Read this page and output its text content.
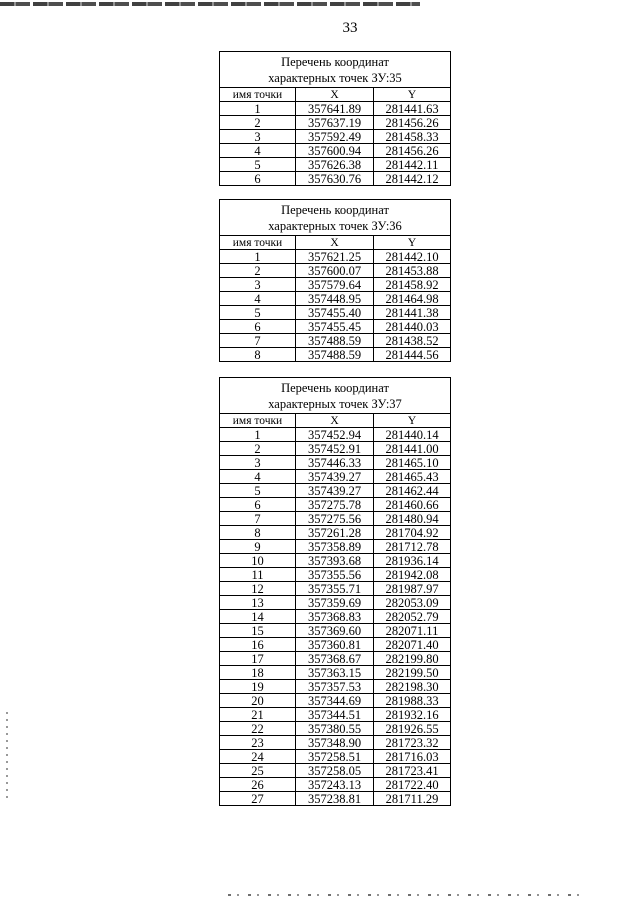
33
Перечень координат
характерных точек ЗУ:35		
имя точки	X	Y
1	357641.89	281441.63
2	357637.19	281456.26
3	357592.49	281458.33
4	357600.94	281456.26
5	357626.38	281442.11
6	357630.76	281442.12
Перечень координат
характерных точек ЗУ:36		
имя точки	X	Y
1	357621.25	281442.10
2	357600.07	281453.88
3	357579.64	281458.92
4	357448.95	281464.98
5	357455.40	281441.38
6	357455.45	281440.03
7	357488.59	281438.52
8	357488.59	281444.56
Перечень координат
характерных точек ЗУ:37		
имя точки	X	Y
1	357452.94	281440.14
2	357452.91	281441.00
3	357446.33	281465.10
4	357439.27	281465.43
5	357439.27	281462.44
6	357275.78	281460.66
7	357275.56	281480.94
8	357261.28	281704.92
9	357358.89	281712.78
10	357393.68	281936.14
11	357355.56	281942.08
12	357355.71	281987.97
13	357359.69	282053.09
14	357368.83	282052.79
15	357369.60	282071.11
16	357360.81	282071.40
17	357368.67	282199.80
18	357363.15	282199.50
19	357357.53	282198.30
20	357344.69	281988.33
21	357344.51	281932.16
22	357380.55	281926.55
23	357348.90	281723.32
24	357258.51	281716.03
25	357258.05	281723.41
26	357243.13	281722.40
27	357238.81	281711.29
